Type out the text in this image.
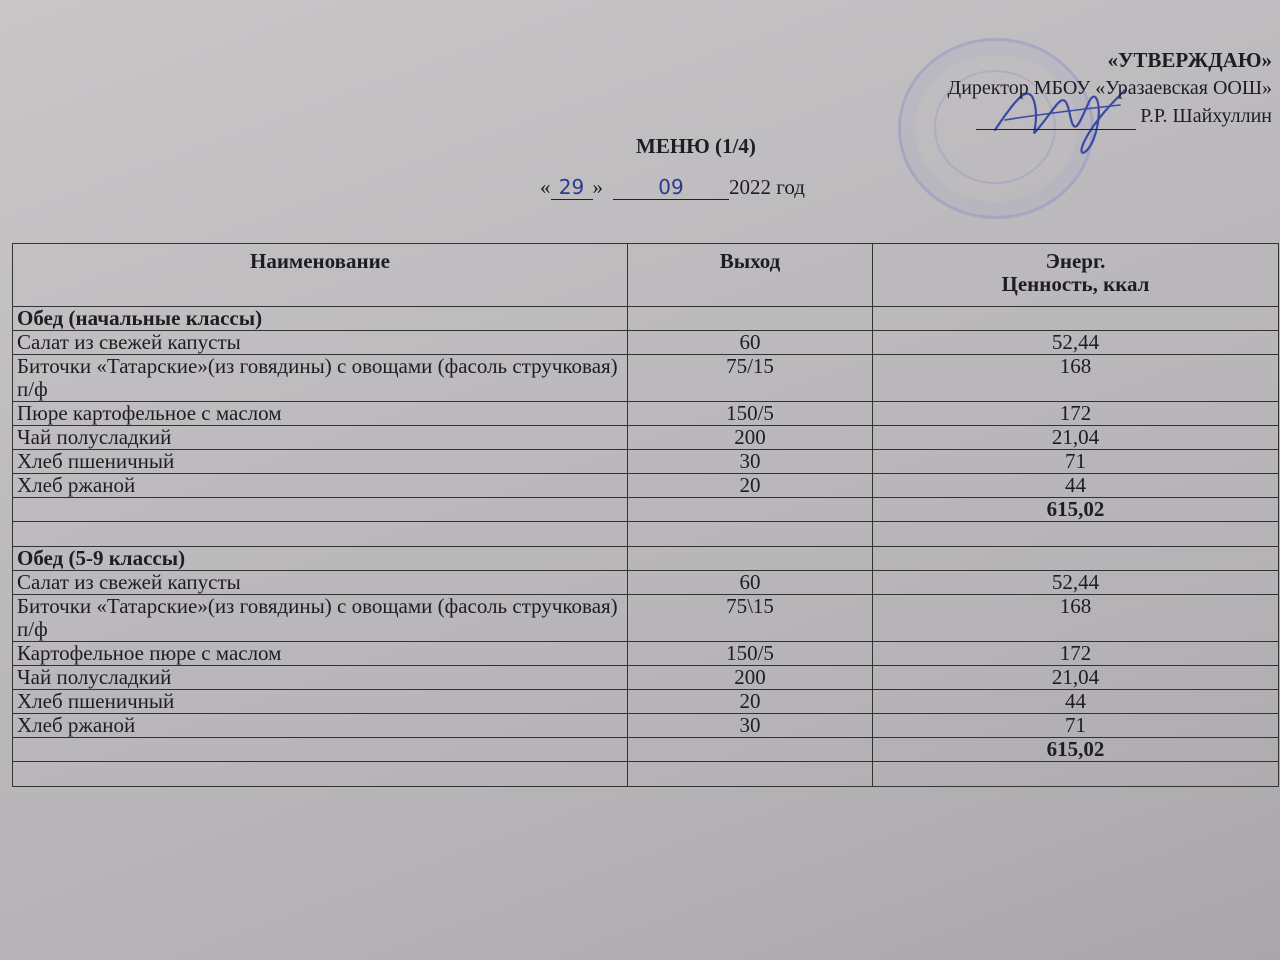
«УТВЕРЖДАЮ»
Директор МБОУ «Уразаевская ООШ»
Р.Р. Шайхуллин
МЕНЮ (1/4)
« 29 »	09 2022 год
Наименование	Выход	Энерг.
Ценность, ккал
Обед (начальные классы)		
Салат из свежей капусты	60	52,44
Биточки «Татарские»(из говядины) с овощами (фасоль стручковая) п/ф	75/15	168
Пюре картофельное с маслом	150/5	172
Чай полусладкий	200	21,04
Хлеб пшеничный	30	71
Хлеб ржаной	20	44
		615,02

Обед (5-9 классы)		
Салат из свежей капусты	60	52,44
Биточки «Татарские»(из говядины) с овощами (фасоль стручковая) п/ф	75\15	168
Картофельное пюре с маслом	150/5	172
Чай полусладкий	200	21,04
Хлеб пшеничный	20	44
Хлеб ржаной	30	71
		615,02
